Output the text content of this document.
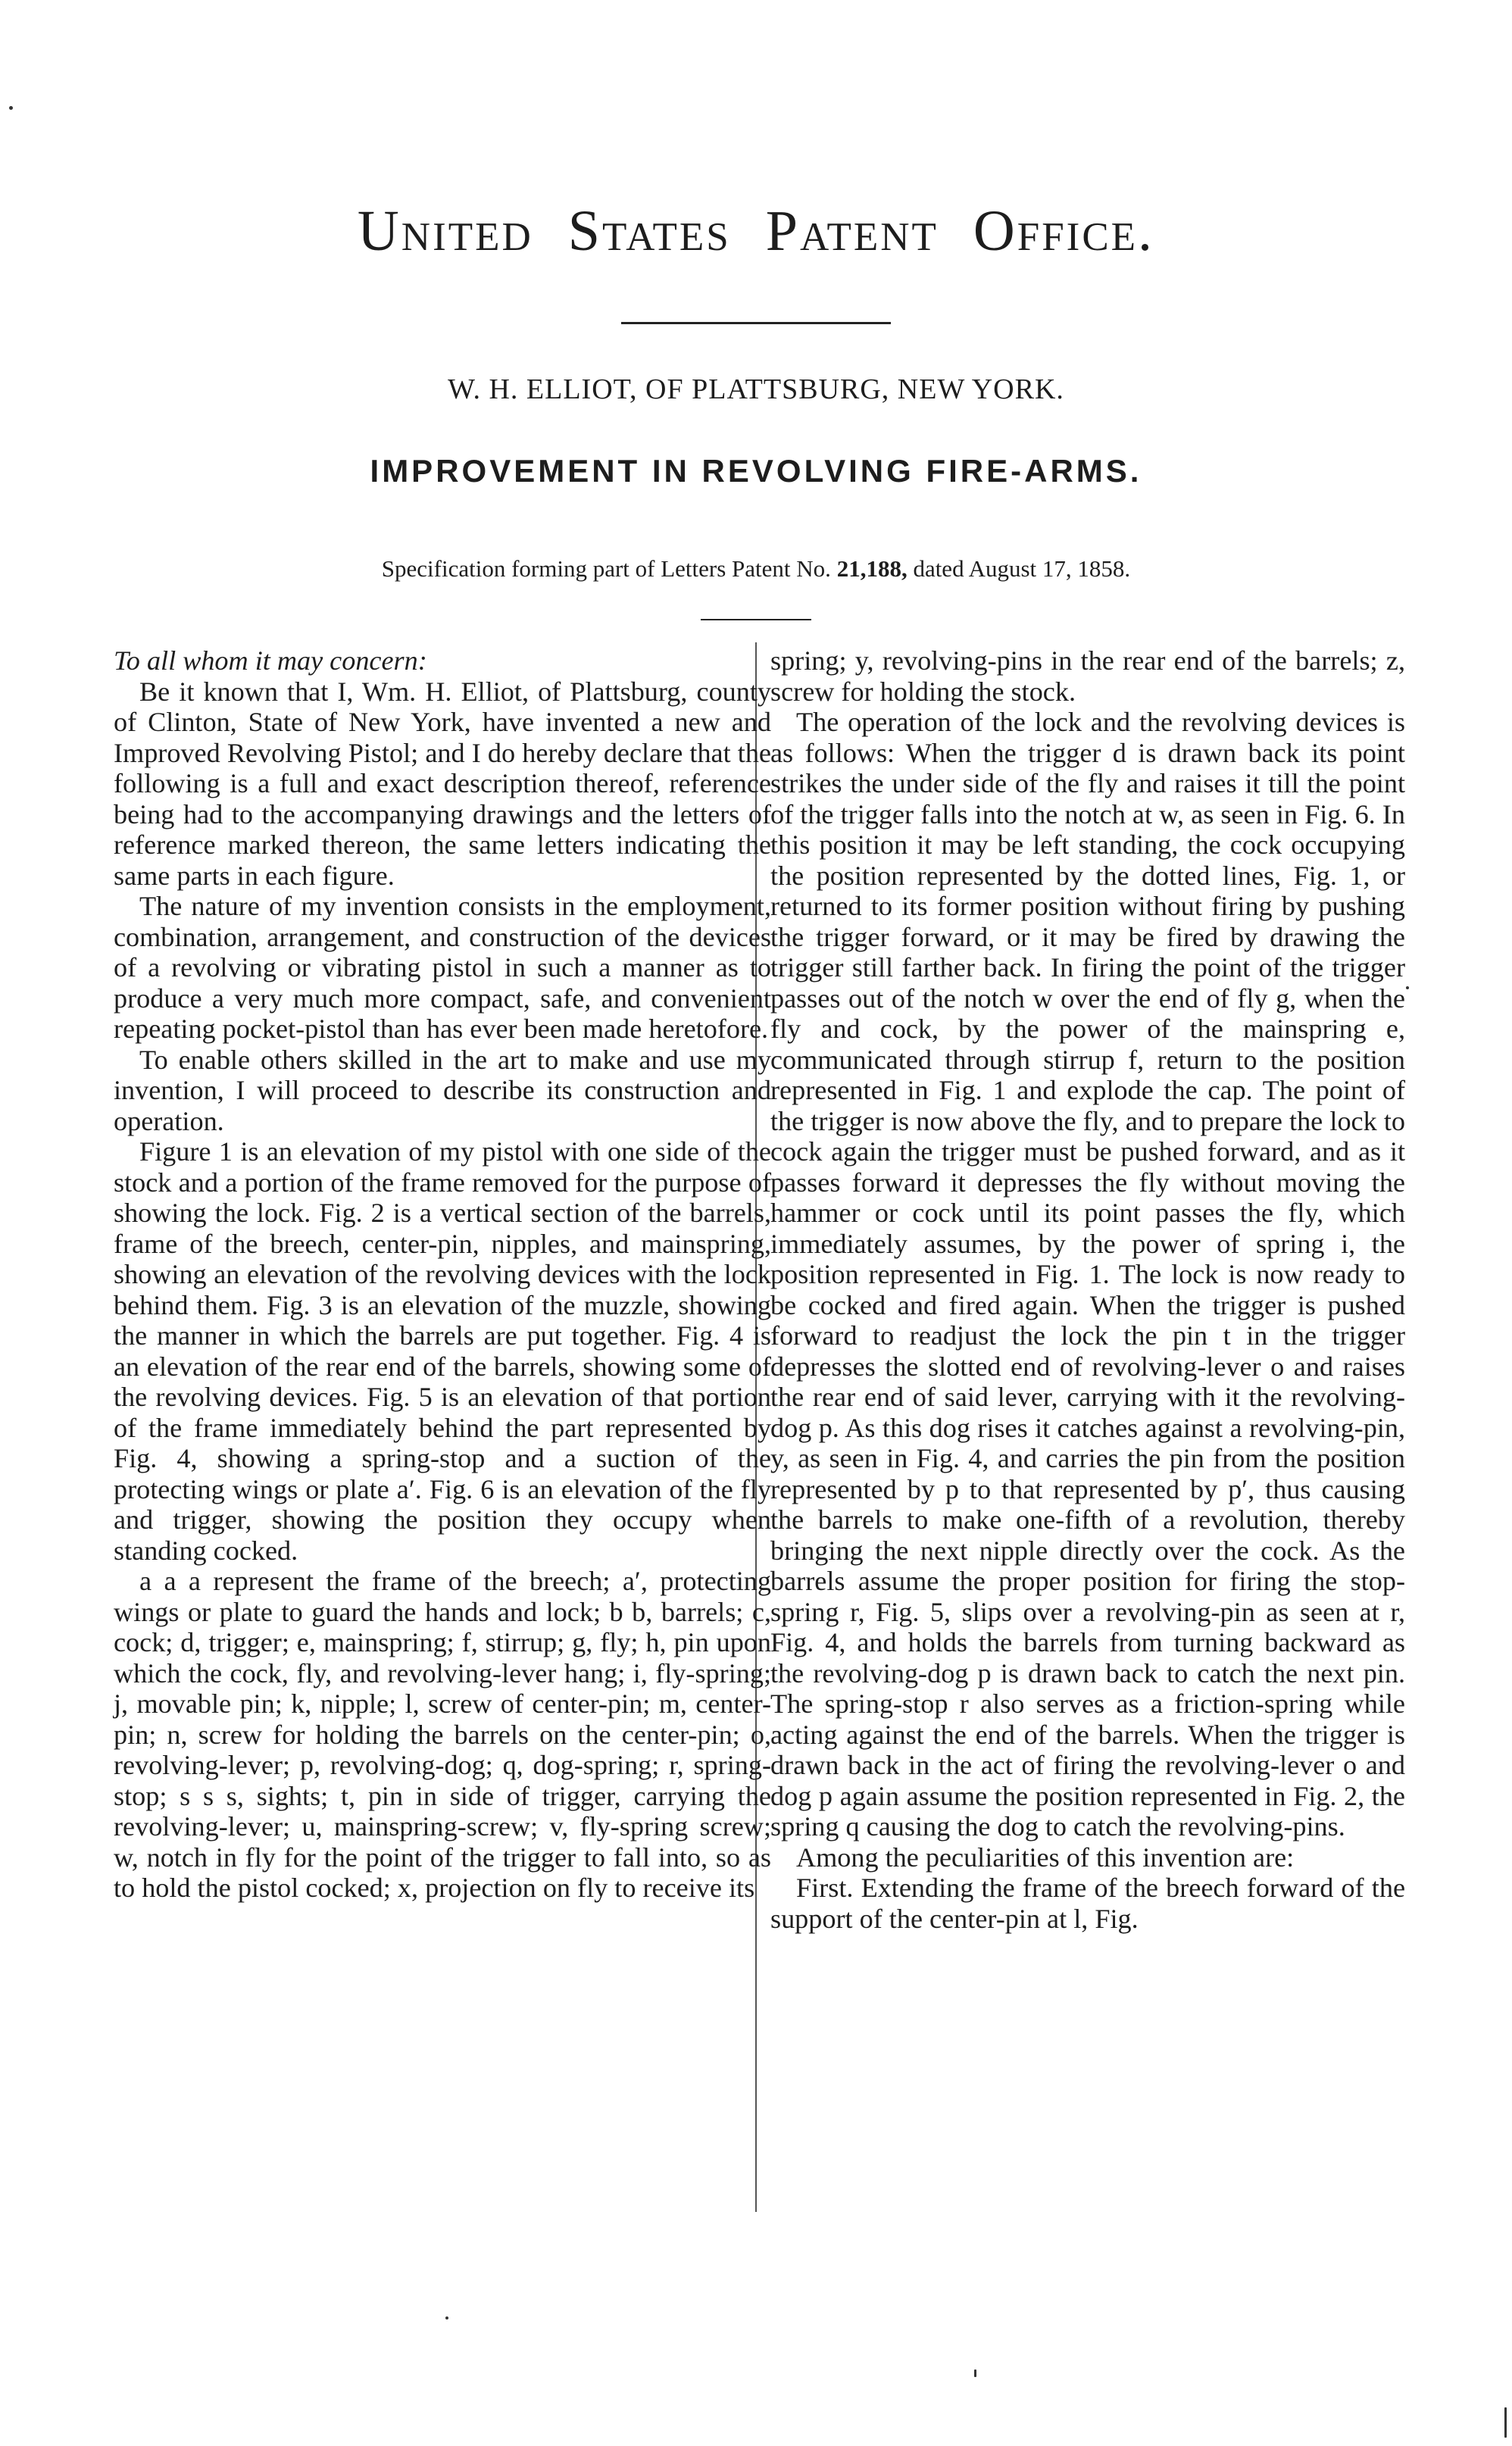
United States Patent Office.
W. H. ELLIOT, OF PLATTSBURG, NEW YORK.
IMPROVEMENT IN REVOLVING FIRE-ARMS.

Specification forming part of Letters Patent No. 21,188, dated August 17, 1858.

To all whom it may concern:

Be it known that I, Wm. H. Elliot, of Plattsburg, county of Clinton, State of New York, have invented a new and Improved Revolving Pistol; and I do hereby declare that the following is a full and exact description thereof, reference being had to the accompanying drawings and the letters of reference marked thereon, the same letters indicating the same parts in each figure.

The nature of my invention consists in the employment, combination, arrangement, and construction of the devices of a revolving or vibrating pistol in such a manner as to produce a very much more compact, safe, and convenient repeating pocket-pistol than has ever been made heretofore.

To enable others skilled in the art to make and use my invention, I will proceed to describe its construction and operation.

Figure 1 is an elevation of my pistol with one side of the stock and a portion of the frame removed for the purpose of showing the lock. Fig. 2 is a vertical section of the barrels, frame of the breech, center-pin, nipples, and mainspring, showing an elevation of the revolving devices with the lock behind them. Fig. 3 is an elevation of the muzzle, showing the manner in which the barrels are put together. Fig. 4 is an elevation of the rear end of the barrels, showing some of the revolving devices. Fig. 5 is an elevation of that portion of the frame immediately behind the part represented by Fig. 4, showing a spring-stop and a suction of the protecting wings or plate a′. Fig. 6 is an elevation of the fly and trigger, showing the position they occupy when standing cocked.

a a a represent the frame of the breech; a′, protecting wings or plate to guard the hands and lock; b b, barrels; c, cock; d, trigger; e, mainspring; f, stirrup; g, fly; h, pin upon which the cock, fly, and revolving-lever hang; i, fly-spring; j, movable pin; k, nipple; l, screw of center-pin; m, center-pin; n, screw for holding the barrels on the center-pin; o, revolving-lever; p, revolving-dog; q, dog-spring; r, spring-stop; s s s, sights; t, pin in side of trigger, carrying the revolving-lever; u, mainspring-screw; v, fly-spring screw; w, notch in fly for the point of the trigger to fall into, so as to hold the pistol cocked; x, projection on fly to receive its

spring; y, revolving-pins in the rear end of the barrels; z, screw for holding the stock.

The operation of the lock and the revolving devices is as follows: When the trigger d is drawn back its point strikes the under side of the fly and raises it till the point of the trigger falls into the notch at w, as seen in Fig. 6. In this position it may be left standing, the cock occupying the position represented by the dotted lines, Fig. 1, or returned to its former position without firing by pushing the trigger forward, or it may be fired by drawing the trigger still farther back. In firing the point of the trigger passes out of the notch w over the end of fly g, when the fly and cock, by the power of the mainspring e, communicated through stirrup f, return to the position represented in Fig. 1 and explode the cap. The point of the trigger is now above the fly, and to prepare the lock to cock again the trigger must be pushed forward, and as it passes forward it depresses the fly without moving the hammer or cock until its point passes the fly, which immediately assumes, by the power of spring i, the position represented in Fig. 1. The lock is now ready to be cocked and fired again. When the trigger is pushed forward to readjust the lock the pin t in the trigger depresses the slotted end of revolving-lever o and raises the rear end of said lever, carrying with it the revolving-dog p. As this dog rises it catches against a revolving-pin, y, as seen in Fig. 4, and carries the pin from the position represented by p to that represented by p′, thus causing the barrels to make one-fifth of a revolution, thereby bringing the next nipple directly over the cock. As the barrels assume the proper position for firing the stop-spring r, Fig. 5, slips over a revolving-pin as seen at r, Fig. 4, and holds the barrels from turning backward as the revolving-dog p is drawn back to catch the next pin. The spring-stop r also serves as a friction-spring while acting against the end of the barrels. When the trigger is drawn back in the act of firing the revolving-lever o and dog p again assume the position represented in Fig. 2, the spring q causing the dog to catch the revolving-pins.

Among the peculiarities of this invention are:

First. Extending the frame of the breech forward of the support of the center-pin at l, Fig.
